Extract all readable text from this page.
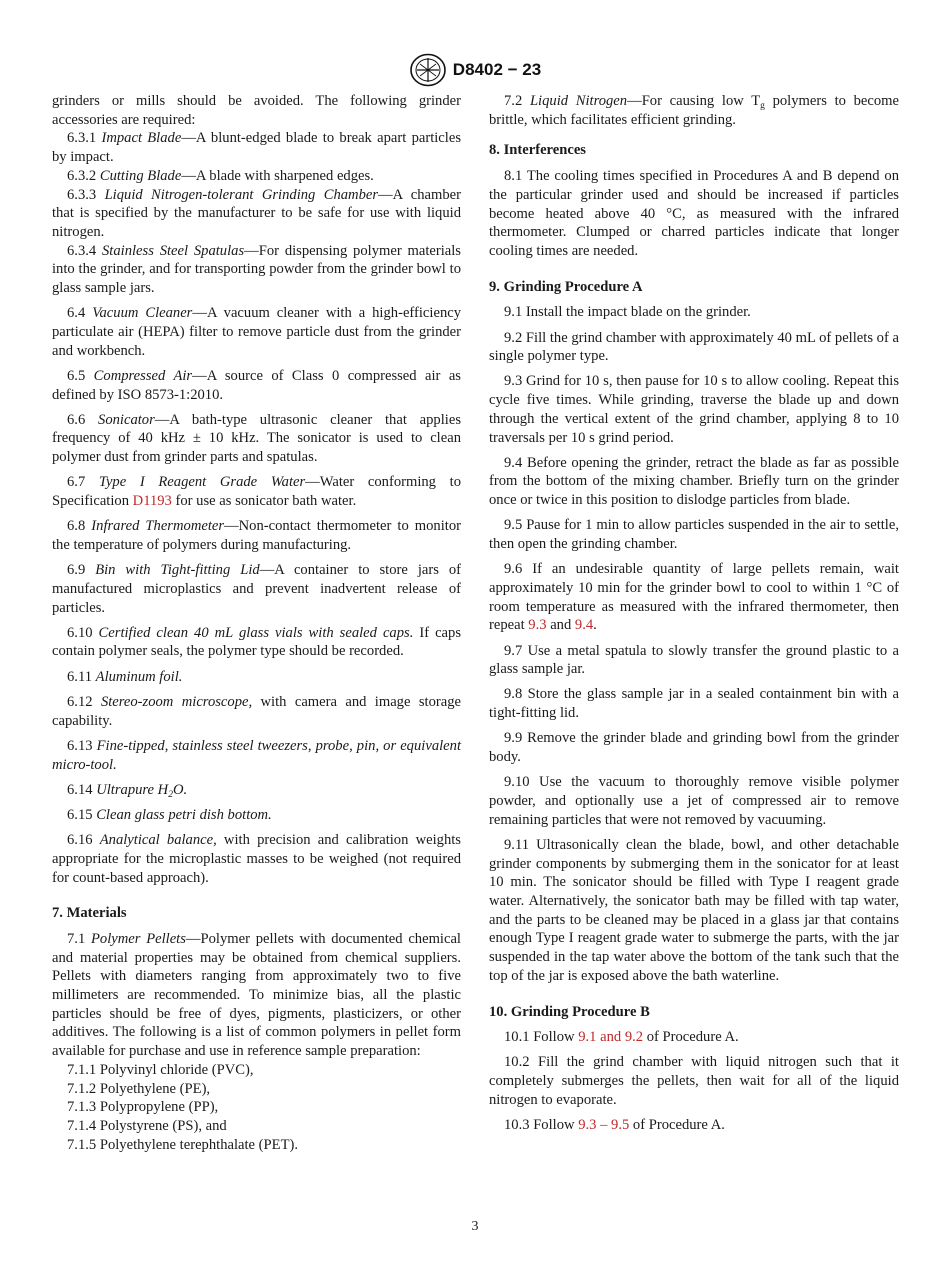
D8402 − 23

grinders or mills should be avoided. The following grinder accessories are required:

6.3.1 Impact Blade—A blunt-edged blade to break apart particles by impact.

6.3.2 Cutting Blade—A blade with sharpened edges.

6.3.3 Liquid Nitrogen-tolerant Grinding Chamber—A chamber that is specified by the manufacturer to be safe for use with liquid nitrogen.

6.3.4 Stainless Steel Spatulas—For dispensing polymer materials into the grinder, and for transporting powder from the grinder bowl to glass sample jars.

6.4 Vacuum Cleaner—A vacuum cleaner with a high-efficiency particulate air (HEPA) filter to remove particle dust from the grinder and workbench.

6.5 Compressed Air—A source of Class 0 compressed air as defined by ISO 8573-1:2010.

6.6 Sonicator—A bath-type ultrasonic cleaner that applies frequency of 40 kHz ± 10 kHz. The sonicator is used to clean polymer dust from grinder parts and spatulas.

6.7 Type I Reagent Grade Water—Water conforming to Specification D1193 for use as sonicator bath water.

6.8 Infrared Thermometer—Non-contact thermometer to monitor the temperature of polymers during manufacturing.

6.9 Bin with Tight-fitting Lid—A container to store jars of manufactured microplastics and prevent inadvertent release of particles.

6.10 Certified clean 40 mL glass vials with sealed caps. If caps contain polymer seals, the polymer type should be recorded.

6.11 Aluminum foil.

6.12 Stereo-zoom microscope, with camera and image storage capability.

6.13 Fine-tipped, stainless steel tweezers, probe, pin, or equivalent micro-tool.

6.14 Ultrapure $H_2O$.

6.15 Clean glass petri dish bottom.

6.16 Analytical balance, with precision and calibration weights appropriate for the microplastic masses to be weighed (not required for count-based approach).

7. Materials

7.1 Polymer Pellets—Polymer pellets with documented chemical and material properties may be obtained from chemical suppliers. Pellets with diameters ranging from approximately two to five millimeters are recommended. To minimize bias, all the plastic particles should be free of dyes, pigments, plasticizers, or other additives. The following is a list of common polymers in pellet form available for purchase and use in reference sample preparation:

7.1.1 Polyvinyl chloride (PVC),

7.1.2 Polyethylene (PE),

7.1.3 Polypropylene (PP),

7.1.4 Polystyrene (PS), and

7.1.5 Polyethylene terephthalate (PET).

7.2 Liquid Nitrogen—For causing low $T_g$ polymers to become brittle, which facilitates efficient grinding.

8. Interferences

8.1 The cooling times specified in Procedures A and B depend on the particular grinder used and should be increased if particles become heated above 40 °C, as measured with the infrared thermometer. Clumped or charred particles indicate that longer cooling times are needed.

9. Grinding Procedure A

9.1 Install the impact blade on the grinder.

9.2 Fill the grind chamber with approximately 40 mL of pellets of a single polymer type.

9.3 Grind for 10 s, then pause for 10 s to allow cooling. Repeat this cycle five times. While grinding, traverse the blade up and down through the vertical extent of the grind chamber, applying 8 to 10 traversals per 10 s grind period.

9.4 Before opening the grinder, retract the blade as far as possible from the bottom of the mixing chamber. Briefly turn on the grinder once or twice in this position to dislodge particles from blade.

9.5 Pause for 1 min to allow particles suspended in the air to settle, then open the grinding chamber.

9.6 If an undesirable quantity of large pellets remain, wait approximately 10 min for the grinder bowl to cool to within 1 °C of room temperature as measured with the infrared thermometer, then repeat 9.3 and 9.4.

9.7 Use a metal spatula to slowly transfer the ground plastic to a glass sample jar.

9.8 Store the glass sample jar in a sealed containment bin with a tight-fitting lid.

9.9 Remove the grinder blade and grinding bowl from the grinder body.

9.10 Use the vacuum to thoroughly remove visible polymer powder, and optionally use a jet of compressed air to remove remaining particles that were not removed by vacuuming.

9.11 Ultrasonically clean the blade, bowl, and other detachable grinder components by submerging them in the sonicator for at least 10 min. The sonicator should be filled with Type I reagent grade water. Alternatively, the sonicator bath may be filled with tap water, and the parts to be cleaned may be placed in a glass jar that contains enough Type I reagent grade water to submerge the parts, with the jar suspended in the tap water above the bottom of the tank such that the top of the jar is exposed above the bath waterline.

10. Grinding Procedure B

10.1 Follow 9.1 and 9.2 of Procedure A.

10.2 Fill the grind chamber with liquid nitrogen such that it completely submerges the pellets, then wait for all of the liquid nitrogen to evaporate.

10.3 Follow 9.3 – 9.5 of Procedure A.

3
